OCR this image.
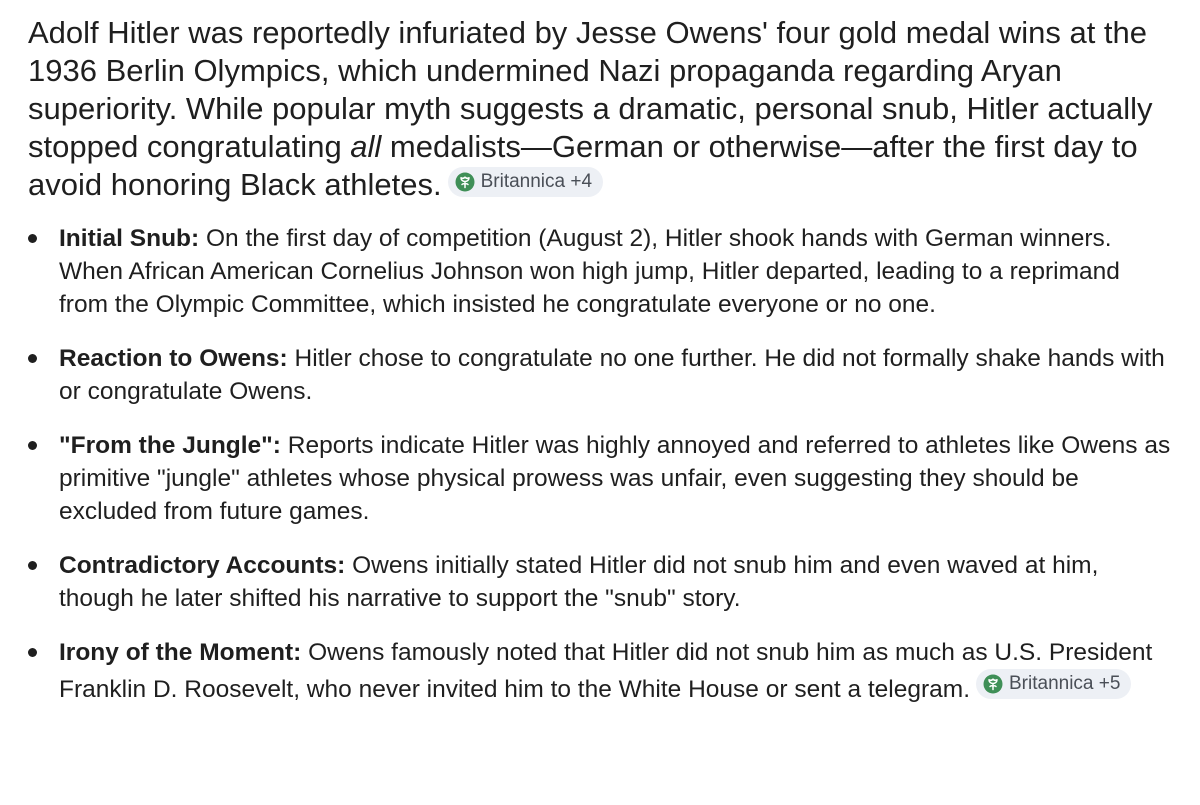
Adolf Hitler was reportedly infuriated by Jesse Owens' four gold medal wins at the 1936 Berlin Olympics, which undermined Nazi propaganda regarding Aryan superiority. While popular myth suggests a dramatic, personal snub, Hitler actually stopped congratulating all medalists—German or otherwise—after the first day to avoid honoring Black athletes. Britannica +4

Initial Snub: On the first day of competition (August 2), Hitler shook hands with German winners. When African American Cornelius Johnson won high jump, Hitler departed, leading to a reprimand from the Olympic Committee, which insisted he congratulate everyone or no one.
Reaction to Owens: Hitler chose to congratulate no one further. He did not formally shake hands with or congratulate Owens.
"From the Jungle": Reports indicate Hitler was highly annoyed and referred to athletes like Owens as primitive "jungle" athletes whose physical prowess was unfair, even suggesting they should be excluded from future games.
Contradictory Accounts: Owens initially stated Hitler did not snub him and even waved at him, though he later shifted his narrative to support the "snub" story.
Irony of the Moment: Owens famously noted that Hitler did not snub him as much as U.S. President Franklin D. Roosevelt, who never invited him to the White House or sent a telegram. Britannica +5
